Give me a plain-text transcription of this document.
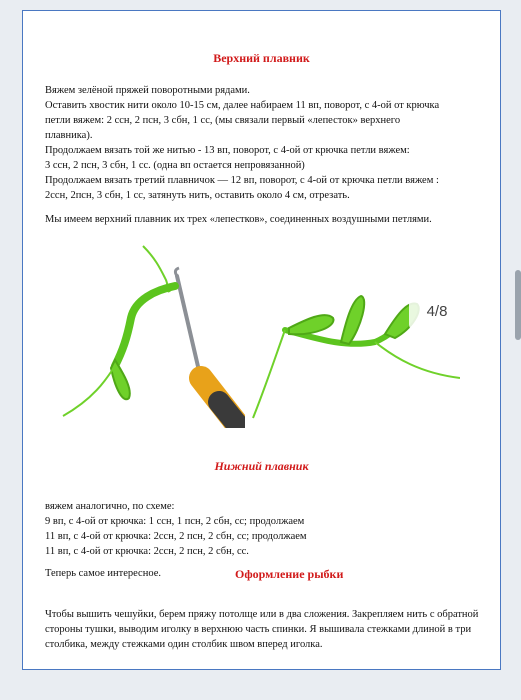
Верхний плавник

Вяжем зелёной пряжей поворотными рядами.
Оставить хвостик нити около 10-15 см, далее набираем 11 вп, поворот, с 4-ой от крючка
петли вяжем: 2 ссн, 2 псн, 3 сбн, 1 сс, (мы связали первый «лепесток» верхнего
плавника).
Продолжаем вязать той же нитью - 13 вп, поворот, с 4-ой от крючка петли вяжем:
3 ссн, 2 псн, 3 сбн, 1 сс. (одна вп остается непровязанной)
Продолжаем вязать третий плавничок — 12 вп, поворот, с 4-ой от крючка петли вяжем :
2ссн, 2псн, 3 сбн, 1 сс, затянуть нить, оставить около 4 см, отрезать.

Мы имеем верхний плавник их трех «лепестков», соединенных воздушными петлями.

Нижний плавник

вяжем аналогично, по схеме:
9 вп, с 4-ой от крючка: 1 ссн, 1 псн, 2 сбн, сс; продолжаем
11 вп, с 4-ой от крючка: 2ссн, 2 псн, 2 сбн, сс; продолжаем
11 вп, с 4-ой от крючка: 2ссн, 2 псн, 2 сбн, сс.

Теперь самое интересное.	Оформление рыбки

Чтобы вышить чешуйки, берем пряжу потолще или в два сложения. Закрепляем нить с обратной стороны тушки, выводим иголку в верхнюю часть спинки. Я вышивала стежками длиной в три столбика, между стежками один столбик швом вперед иголка.

4/8
